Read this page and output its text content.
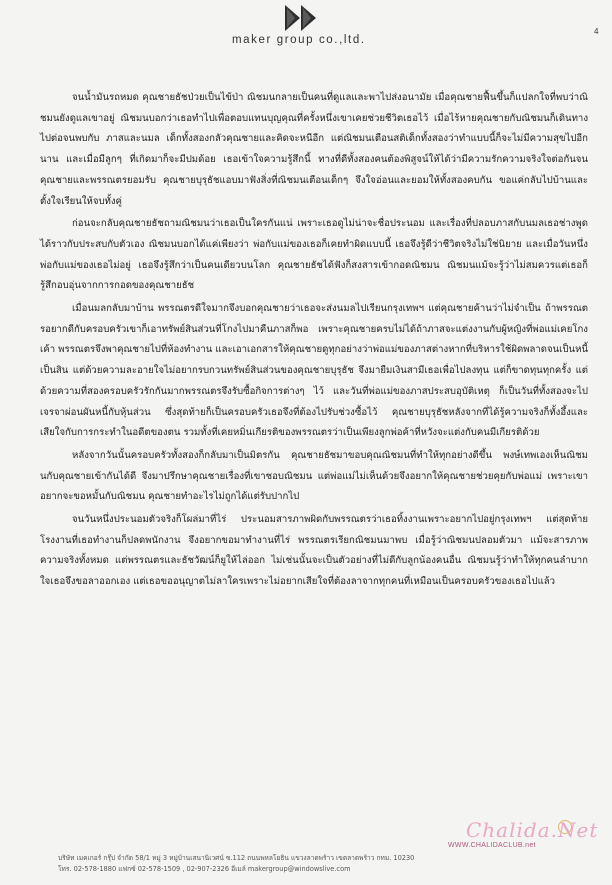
maker group co.,ltd.
4

จนน้ำมันรถหมด คุณชายธัชป่วยเป็นไข้ป่า ณิชมนกลายเป็นคนที่ดูแลและพาไปส่งอนามัย เมื่อคุณชายฟื้นขึ้นก็แปลกใจที่พบว่าณิชมนยังดูแลเขาอยู่ ณิชมนบอกว่าเธอทำไปเพื่อตอบแทนบุญคุณที่ครั้งหนึ่งเขาเคยช่วยชีวิตเธอไว้ เมื่อไร้หายคุณชายกับณิชมนก็เดินทางไปต่อจนพบกับ ภาสและนมล เด็กทั้งสองกลัวคุณชายและคิดจะหนีอีก แต่ณิชมนเตือนสติเด็กทั้งสองว่าทำแบบนี้ก็จะไม่มีความสุขไปอีกนาน และเมื่อมีลูกๆ ที่เกิดมาก็จะมีปมด้อย เธอเข้าใจความรู้สึกนี้ ทางที่ดีทั้งสองคนต้องพิสูจน์ให้ได้ว่ามีความรักความจริงใจต่อกันจนคุณชายและพรรณตรยอมรับ คุณชายบุรุธัชแอบมาฟังสิ่งที่ณิชมนเตือนเด็กๆ จึงใจอ่อนและยอมให้ทั้งสองคบกัน ขอแค่กลับไปบ้านและตั้งใจเรียนให้จบทั้งคู่

ก่อนจะกลับคุณชายธัชถามณิชมนว่าเธอเป็นใครกันแน่ เพราะเธอดูไม่น่าจะชื่อประนอม และเรื่องที่ปลอบภาสกับนมลเธอช่างพูดได้ราวกับประสบกับตัวเอง ณิชมนบอกได้แค่เพียงว่า พ่อกับแม่ของเธอก็เคยทำผิดแบบนี้ เธอจึงรู้ดีว่าชีวิตจริงไม่ใช่นิยาย และเมื่อวันหนึ่งพ่อกับแม่ของเธอไม่อยู่ เธอจึงรู้สึกว่าเป็นคนเดียวบนโลก คุณชายธัชได้ฟังก็สงสารเข้ากอดณิชมน ณิชมนแม้จะรู้ว่าไม่สมควรแต่เธอก็รู้สึกอบอุ่นจากการกอดของคุณชายธัช

เมื่อนมลกลับมาบ้าน พรรณตรดีใจมากจึงบอกคุณชายว่าเธอจะส่งนมลไปเรียนกรุงเทพฯ แต่คุณชายค้านว่าไม่จำเป็น ถ้าพรรณตรอยากดีกับครอบครัวเขาก็เอาทรัพย์สินส่วนที่โกงไปมาคืนภาสก็พอ เพราะคุณชายครบไม่ได้ถ้าภาสจะแต่งงานกับผู้หญิงที่พ่อแม่เคยโกงเค้า พรรณตรจึงพาคุณชายไปที่ห้องทำงาน และเอาเอกสารให้คุณชายดูทุกอย่างว่าพ่อแม่ของภาสต่างหากที่บริหารใช้ผิดพลาดจนเป็นหนี้เป็นสิน แต่ด้วยความละอายใจไม่อยากรบกวนทรัพย์สินส่วนของคุณชายบุรุธัช จึงมายืมเงินสามีเธอเพื่อไปลงทุน แต่ก็ขาดทุนทุกครั้ง แต่ด้วยความที่สองครอบครัวรักกันมากพรรณตรจึงรับซื้อกิจการต่างๆ ไว้ และวันที่พ่อแม่ของภาสประสบอุบัติเหตุ ก็เป็นวันที่ทั้งสองจะไปเจรจาผ่อนผันหนี้กับหุ้นส่วน ซึ่งสุดท้ายก็เป็นครอบครัวเธอจึงที่ต้องไปรับช่วงซื้อไว้ คุณชายบุรุธัชหลังจากที่ได้รู้ความจริงก็ทั้งอึ้งและเสียใจกับการกระทำในอดีตของตน รวมทั้งที่เคยหมิ่นเกียรติของพรรณตรว่าเป็นเพียงลูกพ่อค้าที่หวังจะแต่งกับคนมีเกียรติด้วย

หลังจากวันนั้นครอบครัวทั้งสองก็กลับมาเป็นมิตรกัน คุณชายธัชมาขอบคุณณิชมนที่ทำให้ทุกอย่างดีขึ้น พงษ์เทพเองเห็นณิชมนกับคุณชายเข้ากันได้ดี จึงมาปรึกษาคุณชายเรื่องที่เขาชอบณิชมน แต่พ่อแม่ไม่เห็นด้วยจึงอยากให้คุณชายช่วยคุยกับพ่อแม่ เพราะเขาอยากจะขอหมั้นกับณิชมน คุณชายทำอะไรไม่ถูกได้แต่รับปากไป

จนวันหนึ่งประนอมตัวจริงก็โผล่มาที่ไร่ ประนอมสารภาพผิดกับพรรณตรว่าเธอทิ้งงานเพราะอยากไปอยู่กรุงเทพฯ แต่สุดท้ายโรงงานที่เธอทำงานก็ปลดพนักงาน จึงอยากขอมาทำงานที่ไร่ พรรณตรเรียกณิชมนมาพบ เมื่อรู้ว่าณิชมนปลอมตัวมา แม้จะสารภาพความจริงทั้งหมด แต่พรรณตรและธัชวัฒน์ก็ยูให้ไล่ออก ไม่เช่นนั้นจะเป็นตัวอย่างที่ไม่ดีกับลูกน้องคนอื่น ณิชมนรู้ว่าทำให้ทุกคนลำบากใจเธอจึงขอลาออกเอง แต่เธอขออนุญาตไม่ลาใครเพราะไม่อยากเสียใจที่ต้องลาจากทุกคนที่เหมือนเป็นครอบครัวของเธอไปแล้ว

Chalida.Net
WWW.CHALIDACLUB.net
บริษัท เมคเกอร์ กรุ๊ป จำกัด 58/1 หมู่ 3 หมู่บ้านเสนานิเวศน์ ซ.112 ถนนพหลโยธิน แขวงลาดพร้าว เขตลาดพร้าว กทม. 10230
โทร. 02-578-1880 แฟกซ์ 02-578-1509 , 02-907-2326 อีเมล์ makergroup@windowslive.com
